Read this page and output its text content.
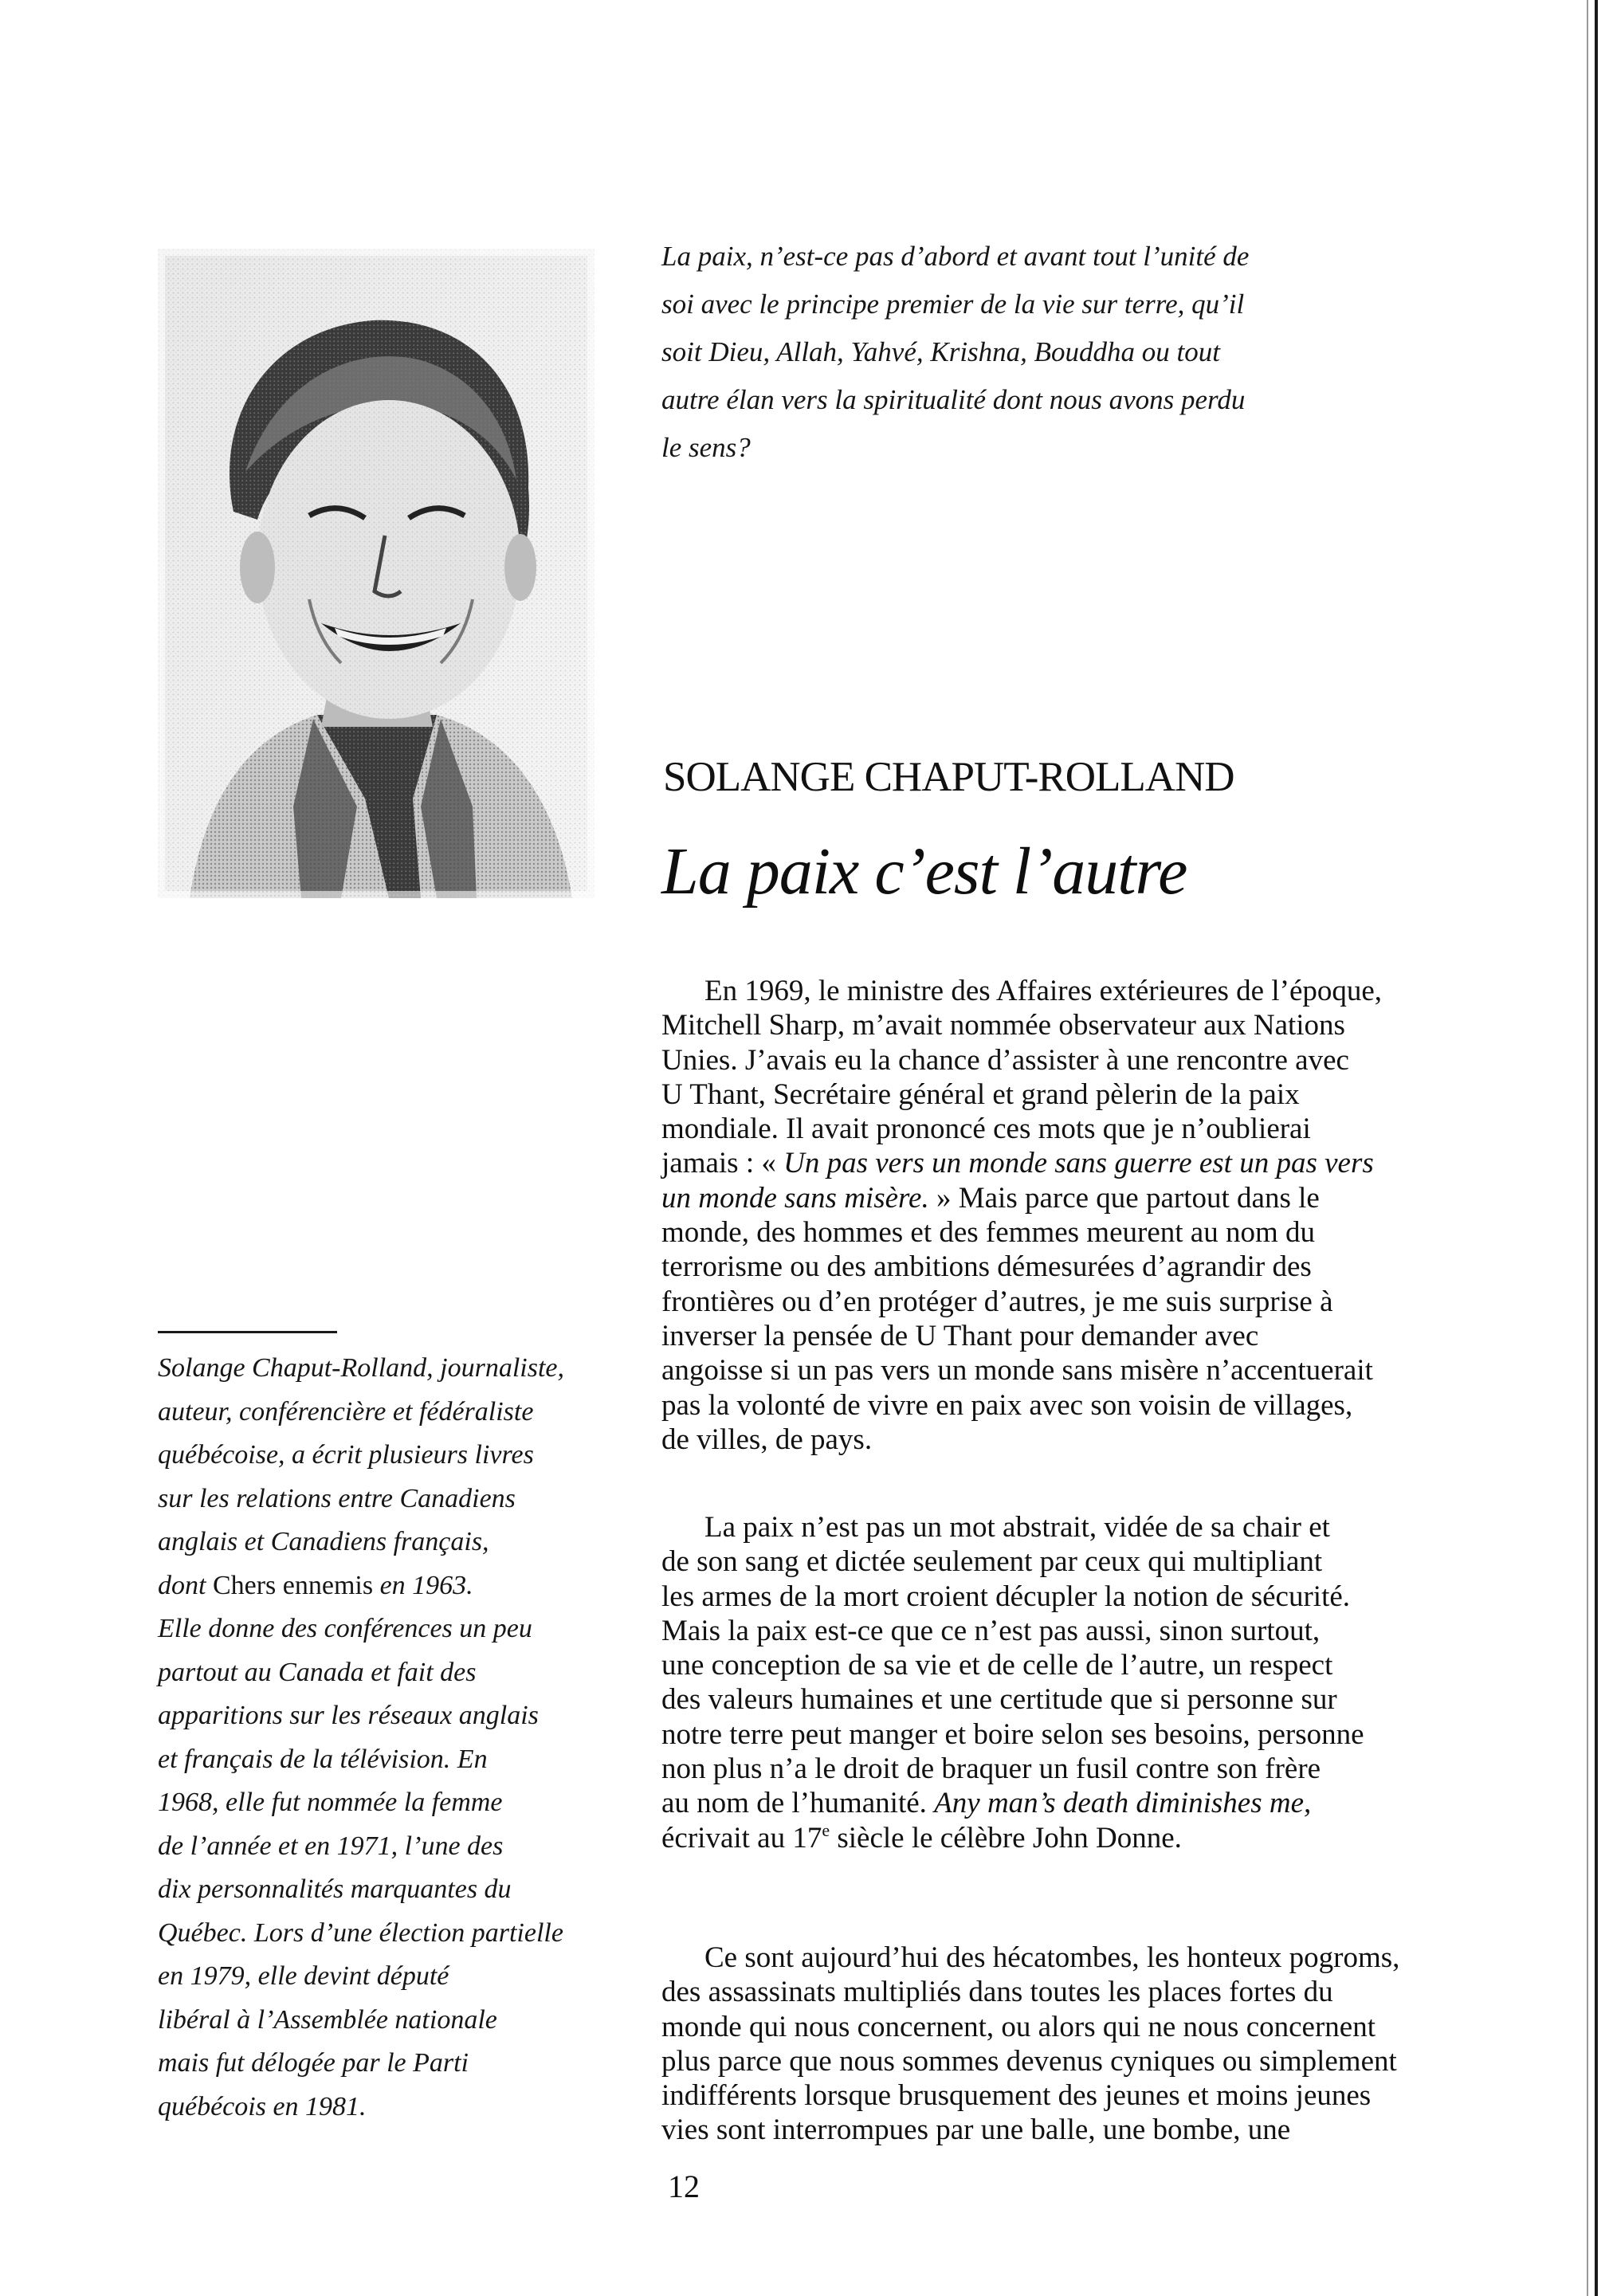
La paix, n’est-ce pas d’abord et avant tout l’unité de
soi avec le principe premier de la vie sur terre, qu’il
soit Dieu, Allah, Yahvé, Krishna, Bouddha ou tout
autre élan vers la spiritualité dont nous avons perdu
le sens?
SOLANGE CHAPUT-ROLLAND
La paix c’est l’autre
En 1969, le ministre des Affaires extérieures de l’époque,
Mitchell Sharp, m’avait nommée observateur aux Nations
Unies. J’avais eu la chance d’assister à une rencontre avec
U Thant, Secrétaire général et grand pèlerin de la paix
mondiale. Il avait prononcé ces mots que je n’oublierai
jamais : « Un pas vers un monde sans guerre est un pas vers
un monde sans misère. » Mais parce que partout dans le
monde, des hommes et des femmes meurent au nom du
terrorisme ou des ambitions démesurées d’agrandir des
frontières ou d’en protéger d’autres, je me suis surprise à
inverser la pensée de U Thant pour demander avec
angoisse si un pas vers un monde sans misère n’accentuerait
pas la volonté de vivre en paix avec son voisin de villages,
de villes, de pays.
La paix n’est pas un mot abstrait, vidée de sa chair et
de son sang et dictée seulement par ceux qui multipliant
les armes de la mort croient décupler la notion de sécurité.
Mais la paix est-ce que ce n’est pas aussi, sinon surtout,
une conception de sa vie et de celle de l’autre, un respect
des valeurs humaines et une certitude que si personne sur
notre terre peut manger et boire selon ses besoins, personne
non plus n’a le droit de braquer un fusil contre son frère
au nom de l’humanité. Any man’s death diminishes me,
écrivait au 17e siècle le célèbre John Donne.
Ce sont aujourd’hui des hécatombes, les honteux pogroms,
des assassinats multipliés dans toutes les places fortes du
monde qui nous concernent, ou alors qui ne nous concernent
plus parce que nous sommes devenus cyniques ou simplement
indifférents lorsque brusquement des jeunes et moins jeunes
vies sont interrompues par une balle, une bombe, une
Solange Chaput-Rolland, journaliste,
auteur, conférencière et fédéraliste
québécoise, a écrit plusieurs livres
sur les relations entre Canadiens
anglais et Canadiens français,
dont Chers ennemis en 1963.
Elle donne des conférences un peu
partout au Canada et fait des
apparitions sur les réseaux anglais
et français de la télévision. En
1968, elle fut nommée la femme
de l’année et en 1971, l’une des
dix personnalités marquantes du
Québec. Lors d’une élection partielle
en 1979, elle devint député
libéral à l’Assemblée nationale
mais fut délogée par le Parti
québécois en 1981.
12
